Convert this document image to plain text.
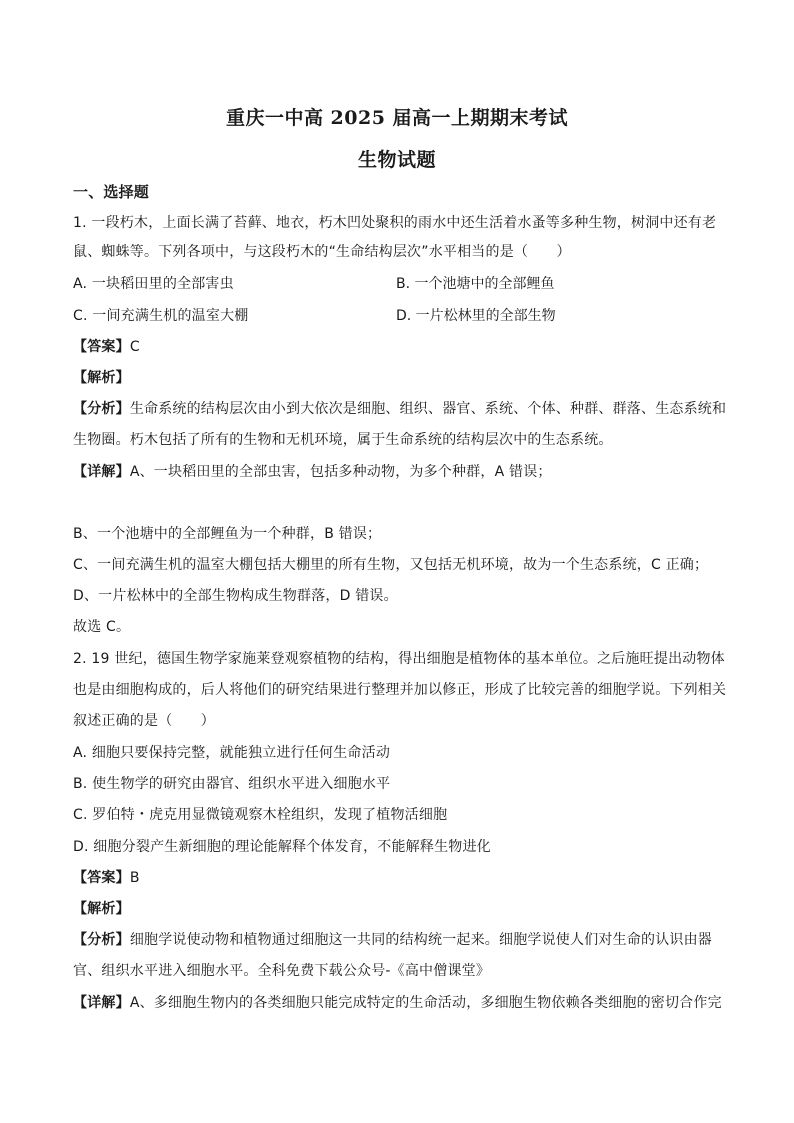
重庆一中高 2025 届高一上期期末考试
生物试题
一、选择题
1. 一段朽木，上面长满了苔藓、地衣，朽木凹处聚积的雨水中还生活着水蚤等多种生物，树洞中还有老
鼠、蜘蛛等。下列各项中，与这段朽木的“生命结构层次”水平相当的是（　　）
A. 一块稻田里的全部害虫	B. 一个池塘中的全部鲤鱼
C. 一间充满生机的温室大棚	D. 一片松林里的全部生物
【答案】C
【解析】
【分析】生命系统的结构层次由小到大依次是细胞、组织、器官、系统、个体、种群、群落、生态系统和
生物圈。朽木包括了所有的生物和无机环境，属于生命系统的结构层次中的生态系统。
【详解】A、一块稻田里的全部虫害，包括多种动物，为多个种群，A 错误；
B、一个池塘中的全部鲤鱼为一个种群，B 错误；
C、一间充满生机的温室大棚包括大棚里的所有生物，又包括无机环境，故为一个生态系统，C 正确；
D、一片松林中的全部生物构成生物群落，D 错误。
故选 C。
2. 19 世纪，德国生物学家施莱登观察植物的结构，得出细胞是植物体的基本单位。之后施旺提出动物体
也是由细胞构成的，后人将他们的研究结果进行整理并加以修正，形成了比较完善的细胞学说。下列相关
叙述正确的是（　　）
A. 细胞只要保持完整，就能独立进行任何生命活动
B. 使生物学的研究由器官、组织水平进入细胞水平
C. 罗伯特・虎克用显微镜观察木栓组织，发现了植物活细胞
D. 细胞分裂产生新细胞的理论能解释个体发育，不能解释生物进化
【答案】B
【解析】
【分析】细胞学说使动物和植物通过细胞这一共同的结构统一起来。细胞学说使人们对生命的认识由器
官、组织水平进入细胞水平。全科免费下载公众号-《高中僧课堂》
【详解】A、多细胞生物内的各类细胞只能完成特定的生命活动，多细胞生物依赖各类细胞的密切合作完
